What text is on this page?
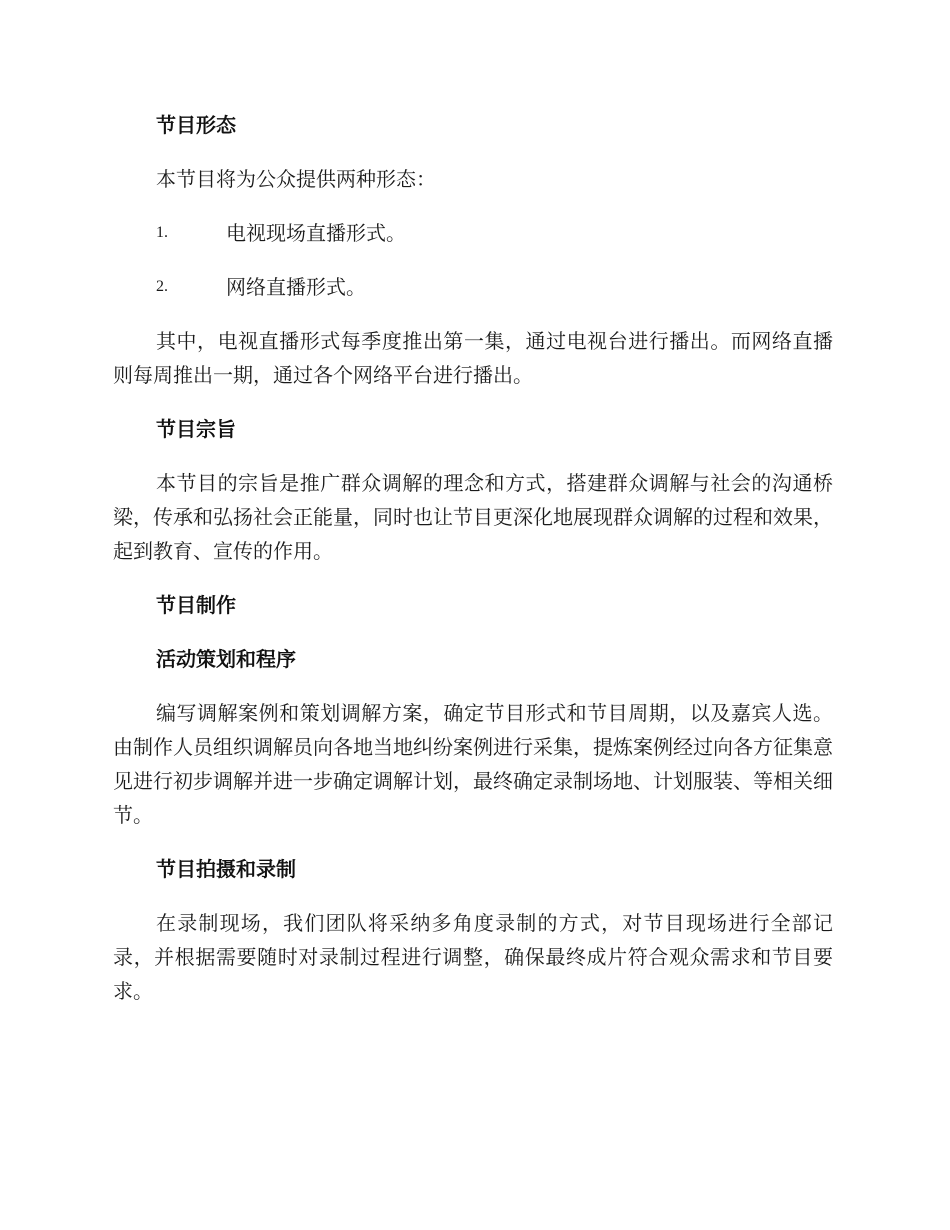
节目形态

本节目将为公众提供两种形态：

1.	电视现场直播形式。
2.	网络直播形式。

其中，电视直播形式每季度推出第一集，通过电视台进行播出。而网络直播则每周推出一期，通过各个网络平台进行播出。

节目宗旨

本节目的宗旨是推广群众调解的理念和方式，搭建群众调解与社会的沟通桥梁，传承和弘扬社会正能量，同时也让节目更深化地展现群众调解的过程和效果，起到教育、宣传的作用。

节目制作
活动策划和程序

编写调解案例和策划调解方案，确定节目形式和节目周期，以及嘉宾人选。由制作人员组织调解员向各地当地纠纷案例进行采集，提炼案例经过向各方征集意见进行初步调解并进一步确定调解计划，最终确定录制场地、计划服装、等相关细节。

节目拍摄和录制

在录制现场，我们团队将采纳多角度录制的方式，对节目现场进行全部记录，并根据需要随时对录制过程进行调整，确保最终成片符合观众需求和节目要求。
